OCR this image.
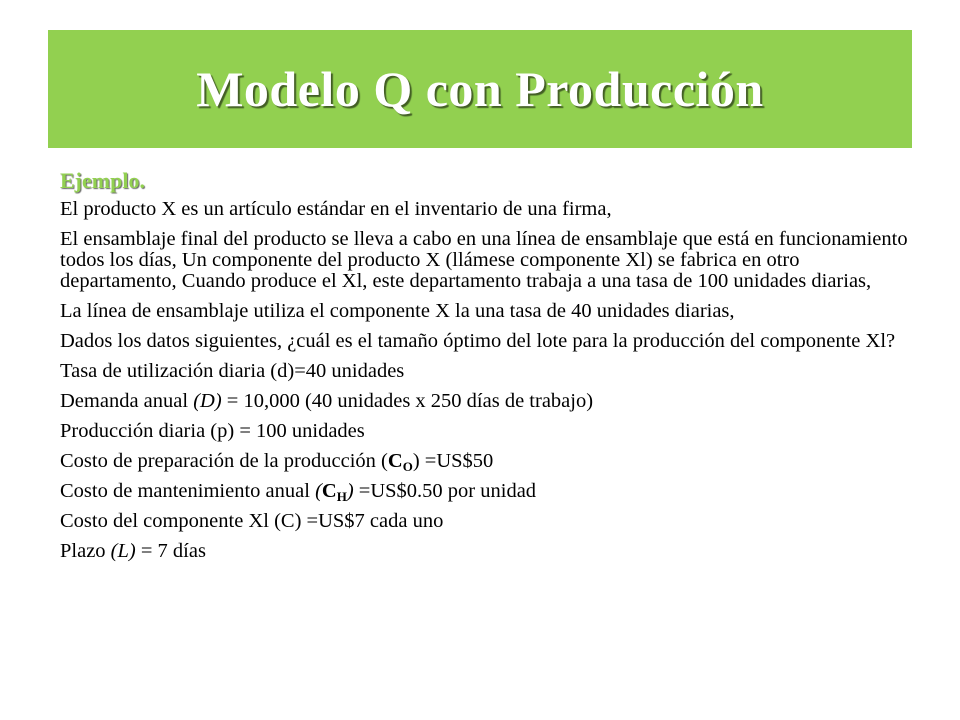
Modelo Q con Producción
Ejemplo.

El producto X es un artículo estándar en el inventario de una firma,

El ensamblaje final del producto se lleva a cabo en una línea de ensamblaje que está en funcionamiento todos los días, Un componente del producto X (llámese componente Xl) se fabrica en otro departamento, Cuando produce el Xl, este departamento trabaja a una tasa de 100 unidades diarias,

La línea de ensamblaje utiliza el componente X la una tasa de 40 unidades diarias,

Dados los datos siguientes, ¿cuál es el tamaño óptimo del lote para la producción del componente Xl?

Tasa de utilización diaria (d)=40 unidades

Demanda anual (D) = 10,000 (40 unidades x 250 días de trabajo)

Producción diaria (p) = 100 unidades

Costo de preparación de la producción $(C_O)$ =US$50

Costo de mantenimiento anual $(C_H)$ =US$0.50 por unidad

Costo del componente Xl (C) =US$7 cada uno

Plazo (L) = 7 días
